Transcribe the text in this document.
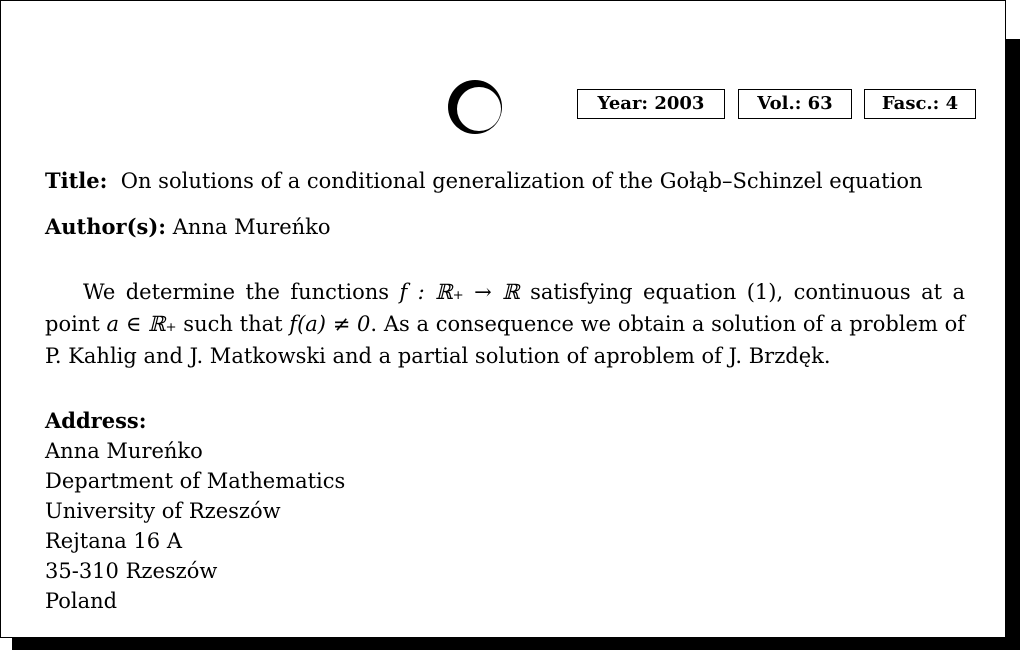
Year: 2003	Vol.: 63	Fasc.: 4
Title: On solutions of a conditional generalization of the Gołąb–Schinzel equation
Author(s): Anna Mureńko
We determine the functions f : ℝ₊ → ℝ satisfying equation (1), continuous at a point a ∈ ℝ₊ such that f(a) ≠ 0. As a consequence we obtain a solution of a problem of P. Kahlig and J. Matkowski and a partial solution of aproblem of J. Brzdęk.
Address:
Anna Mureńko
Department of Mathematics
University of Rzeszów
Rejtana 16 A
35-310 Rzeszów
Poland
